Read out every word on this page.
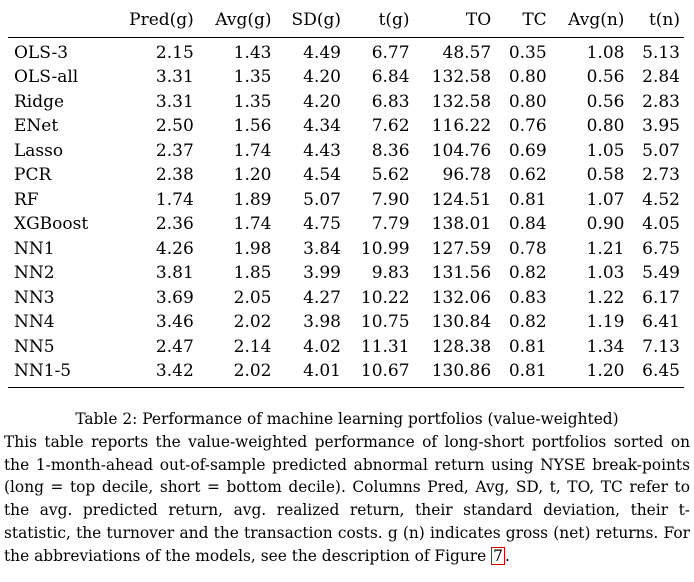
	Pred(g)	Avg(g)	SD(g)	t(g)	TO	TC	Avg(n)	t(n)
OLS-3	2.15	1.43	4.49	6.77	48.57	0.35	1.08	5.13
OLS-all	3.31	1.35	4.20	6.84	132.58	0.80	0.56	2.84
Ridge	3.31	1.35	4.20	6.83	132.58	0.80	0.56	2.83
ENet	2.50	1.56	4.34	7.62	116.22	0.76	0.80	3.95
Lasso	2.37	1.74	4.43	8.36	104.76	0.69	1.05	5.07
PCR	2.38	1.20	4.54	5.62	96.78	0.62	0.58	2.73
RF	1.74	1.89	5.07	7.90	124.51	0.81	1.07	4.52
XGBoost	2.36	1.74	4.75	7.79	138.01	0.84	0.90	4.05
NN1	4.26	1.98	3.84	10.99	127.59	0.78	1.21	6.75
NN2	3.81	1.85	3.99	9.83	131.56	0.82	1.03	5.49
NN3	3.69	2.05	4.27	10.22	132.06	0.83	1.22	6.17
NN4	3.46	2.02	3.98	10.75	130.84	0.82	1.19	6.41
NN5	2.47	2.14	4.02	11.31	128.38	0.81	1.34	7.13
NN1-5	3.42	2.02	4.01	10.67	130.86	0.81	1.20	6.45

Table 2: Performance of machine learning portfolios (value-weighted)

This table reports the value-weighted performance of long-short portfolios sorted on the 1-month-ahead out-of-sample predicted abnormal return using NYSE break-points (long = top decile, short = bottom decile). Columns Pred, Avg, SD, t, TO, TC refer to the avg. predicted return, avg. realized return, their standard deviation, their t-statistic, the turnover and the transaction costs. g (n) indicates gross (net) returns. For the abbreviations of the models, see the description of Figure 7 .
